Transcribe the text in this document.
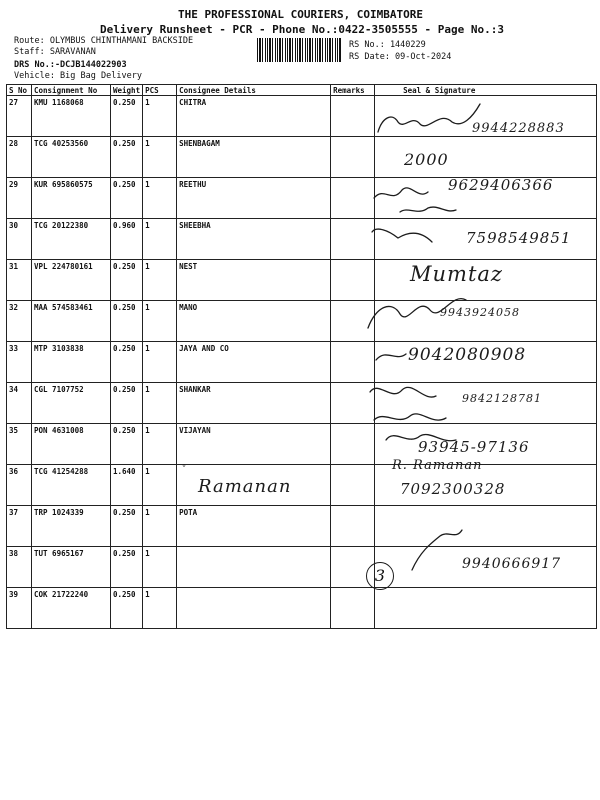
THE PROFESSIONAL COURIERS, COIMBATORE
Delivery Runsheet - PCR - Phone No.:0422-3505555 - Page No.:3
Route: OLYMBUS CHINTHAMANI BACKSIDE
Staff: SARAVANAN
DRS No.:-DCJB144022903
Vehicle: Big Bag Delivery
RS No.: 1440229
RS Date: 09-Oct-2024
S No	Consignment No	Weight	PCS	Consignee Details	Remarks	Seal & Signature
27	KMU 1168068	0.250	1	CHITRA		
28	TCG 40253560	0.250	1	SHENBAGAM		
29	KUR 695860575	0.250	1	REETHU		
30	TCG 20122380	0.960	1	SHEEBHA		
31	VPL 224780161	0.250	1	NEST		
32	MAA 574583461	0.250	1	MANO		
33	MTP 3103838	0.250	1	JAYA AND CO		
34	CGL 7107752	0.250	1	SHANKAR		
35	PON 4631008	0.250	1	VIJAYAN		
36	TCG 41254288	1.640	1			
37	TRP 1024339	0.250	1	POTA		
38	TUT 6965167	0.250	1			
39	COK 21722240	0.250	1			
9944228883
2000
9629406366
7598549851
Mumtaz
9943924058
9042080908
9842128781
93945-97136
°
Ramanan
R. Ramanan
7092300328
3
9940666917
